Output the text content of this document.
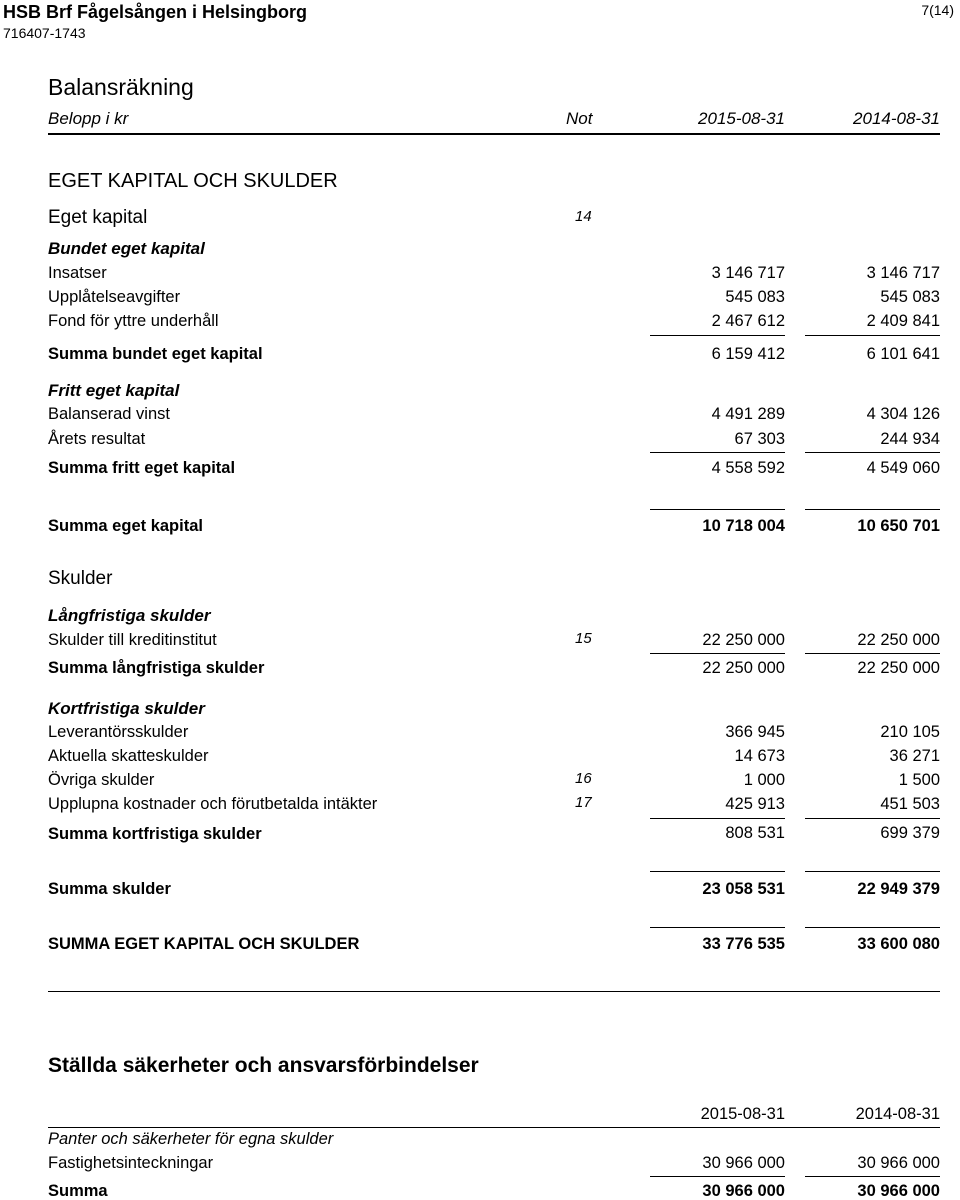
HSB Brf Fågelsången i Helsingborg
716407-1743
7(14)
Balansräkning
Belopp i kr	Not	2015-08-31	2014-08-31
EGET KAPITAL OCH SKULDER
Eget kapital	14
Bundet eget kapital
Insatser	3 146 717	3 146 717
Upplåtelseavgifter	545 083	545 083
Fond för yttre underhåll	2 467 612	2 409 841
Summa bundet eget kapital	6 159 412	6 101 641
Fritt eget kapital
Balanserad vinst	4 491 289	4 304 126
Årets resultat	67 303	244 934
Summa fritt eget kapital	4 558 592	4 549 060
Summa eget kapital	10 718 004	10 650 701
Skulder
Långfristiga skulder
Skulder till kreditinstitut	15	22 250 000	22 250 000
Summa långfristiga skulder	22 250 000	22 250 000
Kortfristiga skulder
Leverantörsskulder	366 945	210 105
Aktuella skatteskulder	14 673	36 271
Övriga skulder	16	1 000	1 500
Upplupna kostnader och förutbetalda intäkter	17	425 913	451 503
Summa kortfristiga skulder	808 531	699 379
Summa skulder	23 058 531	22 949 379
SUMMA EGET KAPITAL OCH SKULDER	33 776 535	33 600 080
Ställda säkerheter och ansvarsförbindelser
2015-08-31	2014-08-31
Panter och säkerheter för egna skulder
Fastighetsinteckningar	30 966 000	30 966 000
Summa	30 966 000	30 966 000
